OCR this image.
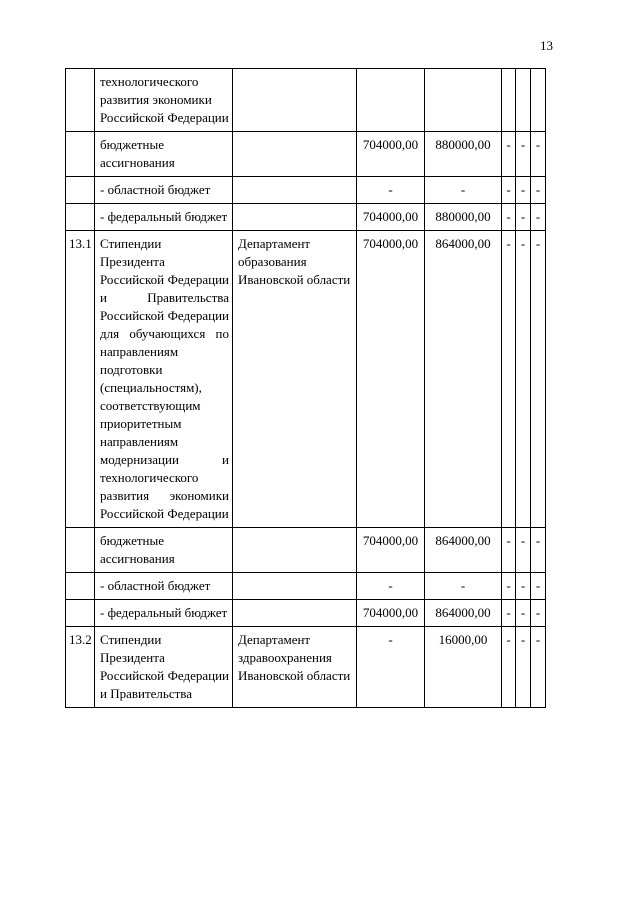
13
	технологического развития экономики Российской Федерации						
	бюджетные ассигнования		704000,00	880000,00	-	-	-
	- областной бюджет		-	-	-	-	-
	- федеральный бюджет		704000,00	880000,00	-	-	-
13.1	Стипендии Президента Российской Федерации и Правительства Российской Федерации для обучающихся по направлениям подготовки (специальностям), соответствующим приоритетным направлениям модернизации и технологического развития экономики Российской Федерации	Департамент образования Ивановской области	704000,00	864000,00	-	-	-
	бюджетные ассигнования		704000,00	864000,00	-	-	-
	- областной бюджет		-	-	-	-	-
	- федеральный бюджет		704000,00	864000,00	-	-	-
13.2	Стипендии Президента Российской Федерации и Правительства	Департамент здравоохранения Ивановской области	-	16000,00	-	-	-
